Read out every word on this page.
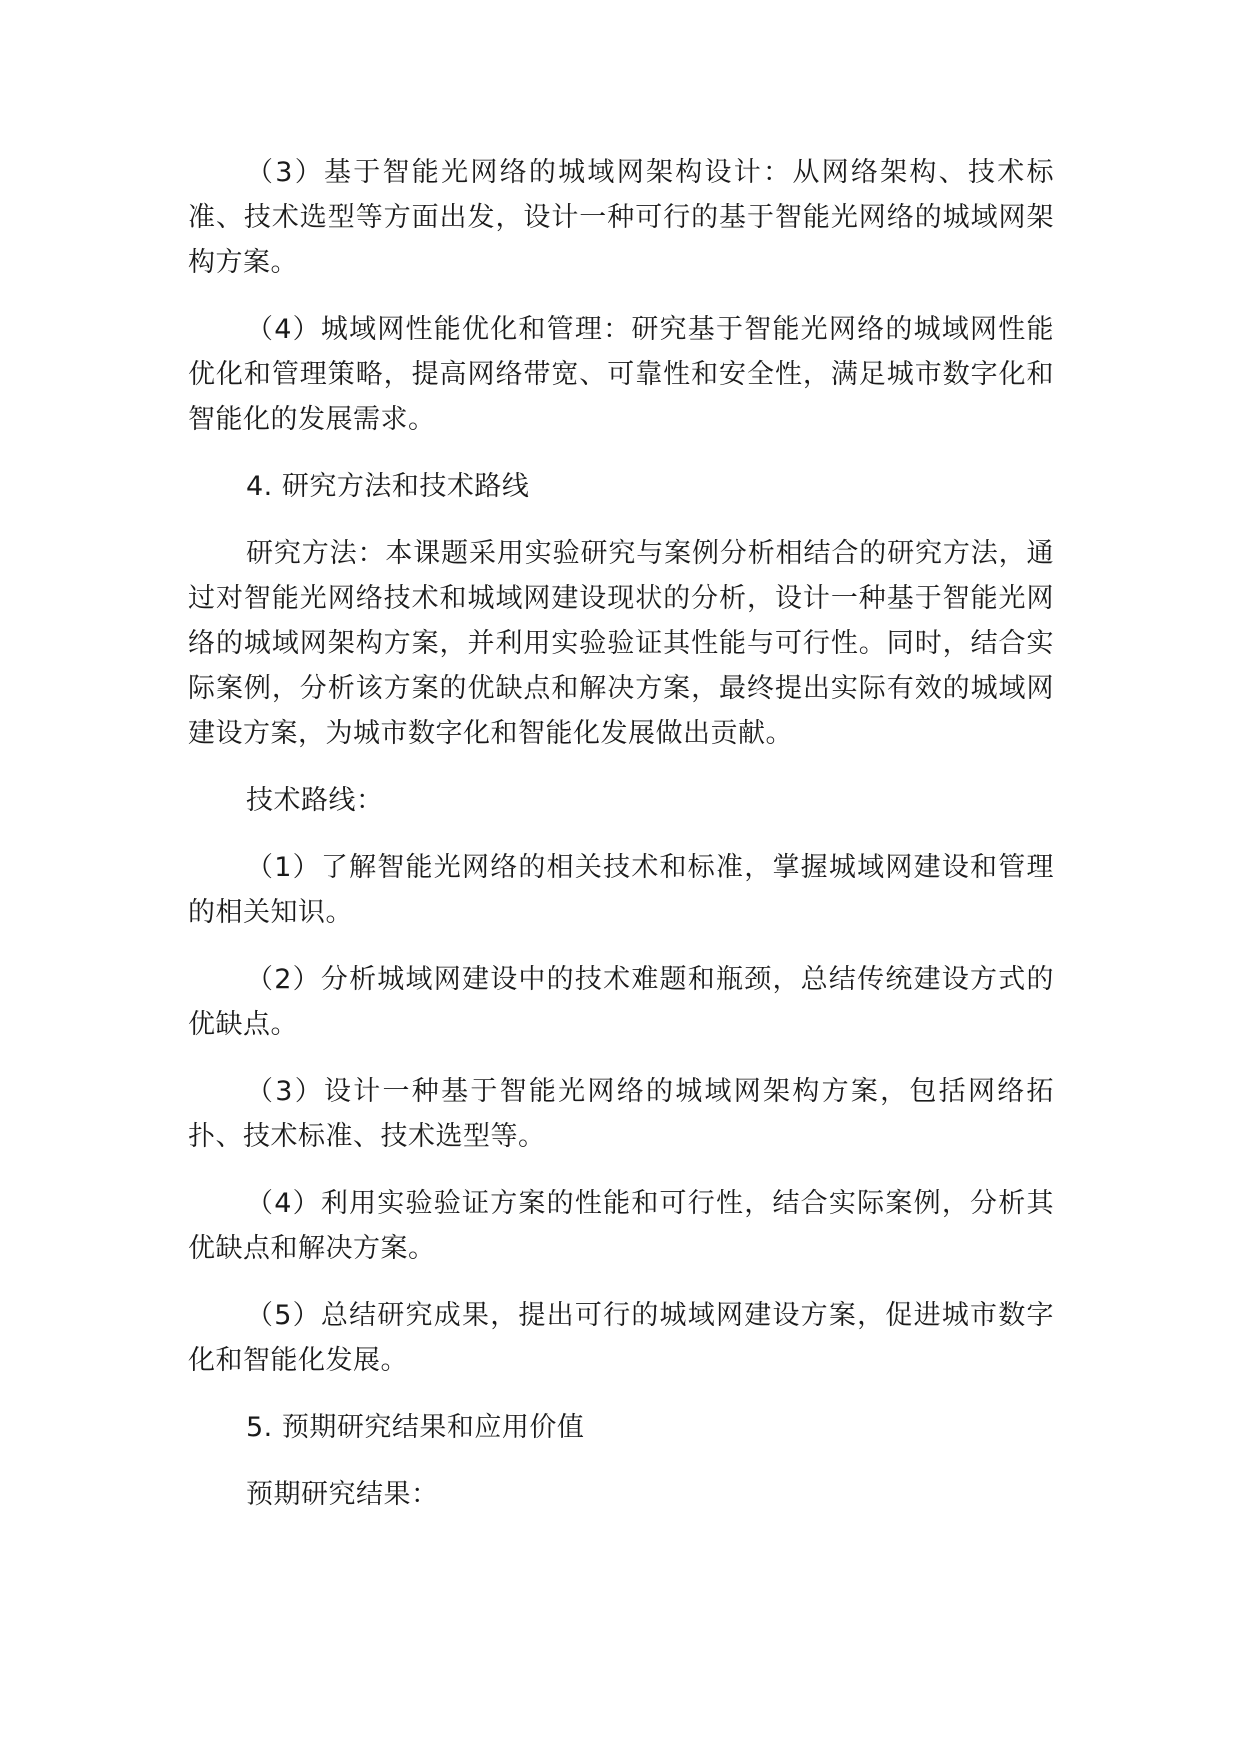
（3）基于智能光网络的城域网架构设计：从网络架构、技术标准、技术选型等方面出发，设计一种可行的基于智能光网络的城域网架构方案。

（4）城域网性能优化和管理：研究基于智能光网络的城域网性能优化和管理策略，提高网络带宽、可靠性和安全性，满足城市数字化和智能化的发展需求。

4. 研究方法和技术路线

研究方法：本课题采用实验研究与案例分析相结合的研究方法，通过对智能光网络技术和城域网建设现状的分析，设计一种基于智能光网络的城域网架构方案，并利用实验验证其性能与可行性。同时，结合实际案例，分析该方案的优缺点和解决方案，最终提出实际有效的城域网建设方案，为城市数字化和智能化发展做出贡献。

技术路线：

（1）了解智能光网络的相关技术和标准，掌握城域网建设和管理的相关知识。

（2）分析城域网建设中的技术难题和瓶颈，总结传统建设方式的优缺点。

（3）设计一种基于智能光网络的城域网架构方案，包括网络拓扑、技术标准、技术选型等。

（4）利用实验验证方案的性能和可行性，结合实际案例，分析其优缺点和解决方案。

（5）总结研究成果，提出可行的城域网建设方案，促进城市数字化和智能化发展。

5. 预期研究结果和应用价值

预期研究结果：
